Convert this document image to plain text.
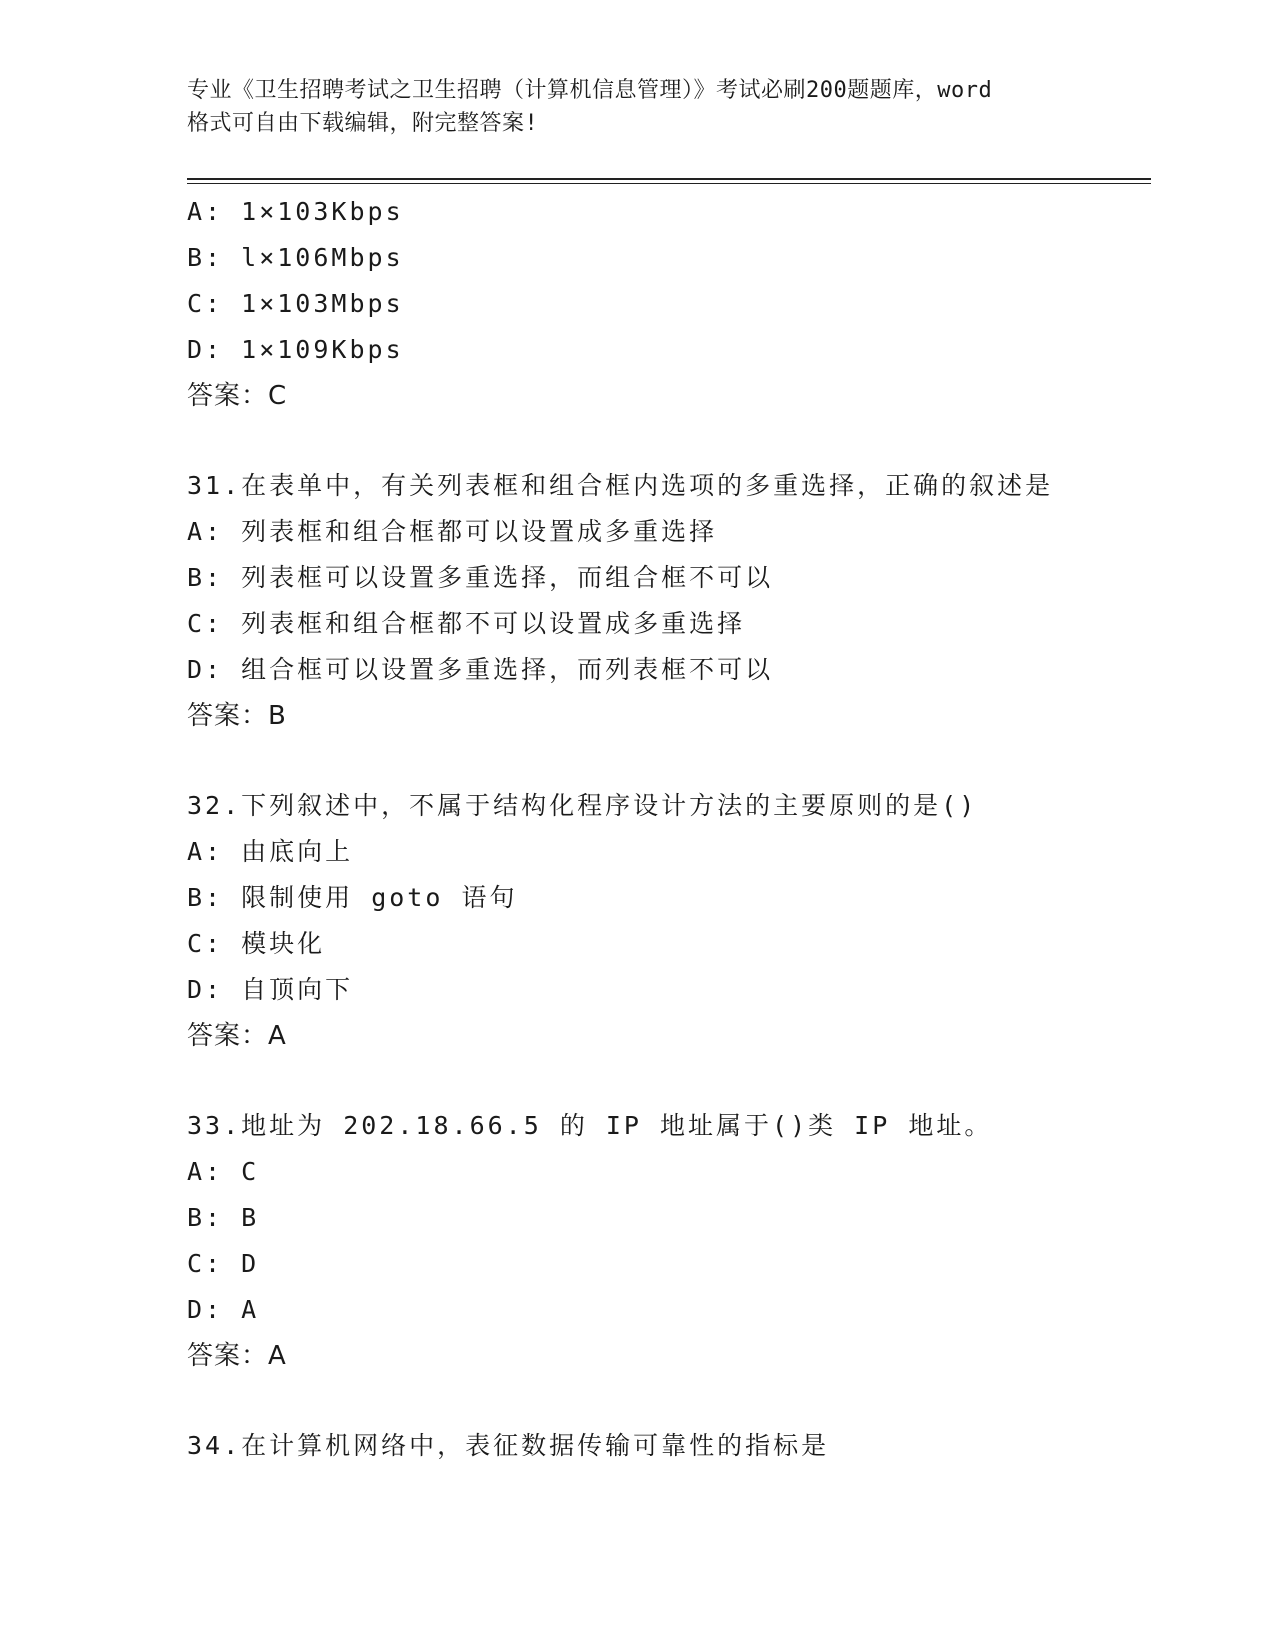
专业《卫生招聘考试之卫生招聘（计算机信息管理）》考试必刷200题题库，word
格式可自由下载编辑，附完整答案!
A: 1×103Kbps
B: l×106Mbps
C: 1×103Mbps
D: 1×109Kbps
答案：C
31.在表单中，有关列表框和组合框内选项的多重选择，正确的叙述是
A: 列表框和组合框都可以设置成多重选择
B: 列表框可以设置多重选择，而组合框不可以
C: 列表框和组合框都不可以设置成多重选择
D: 组合框可以设置多重选择，而列表框不可以
答案：B
32.下列叙述中，不属于结构化程序设计方法的主要原则的是()
A: 由底向上
B: 限制使用 goto 语句
C: 模块化
D: 自顶向下
答案：A
33.地址为 202.18.66.5 的 IP 地址属于()类 IP 地址。
A: C
B: B
C: D
D: A
答案：A
34.在计算机网络中，表征数据传输可靠性的指标是
